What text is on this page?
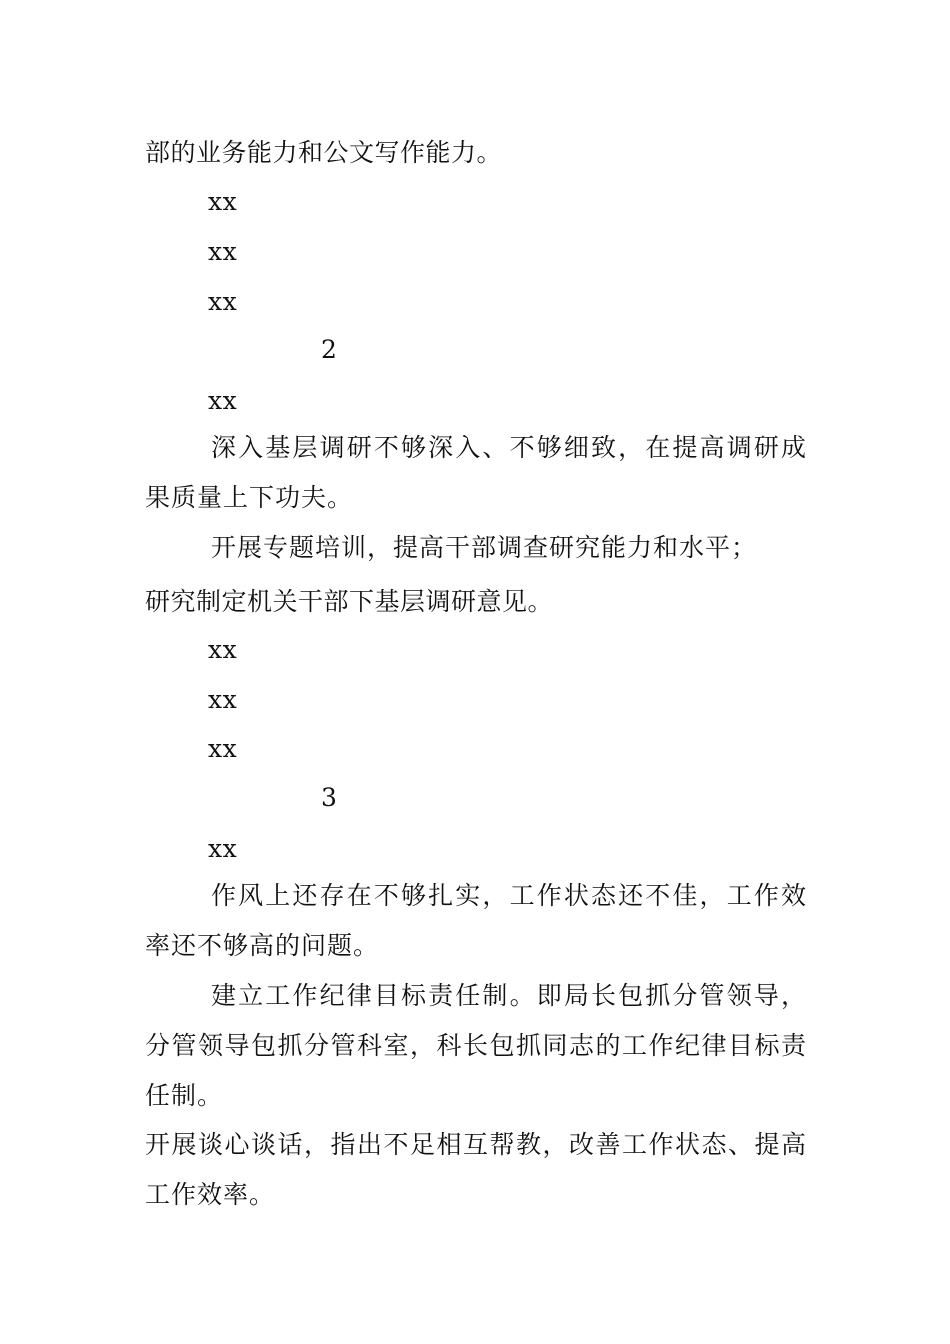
部的业务能力和公文写作能力。
xx
xx
xx
2
xx
深入基层调研不够深入、不够细致，在提高调研成果质量上下功夫。
开展专题培训，提高干部调查研究能力和水平；
研究制定机关干部下基层调研意见。
xx
xx
xx
3
xx
作风上还存在不够扎实，工作状态还不佳，工作效率还不够高的问题。
建立工作纪律目标责任制。即局长包抓分管领导，分管领导包抓分管科室，科长包抓同志的工作纪律目标责任制。
开展谈心谈话，指出不足相互帮教，改善工作状态、提高工作效率。
